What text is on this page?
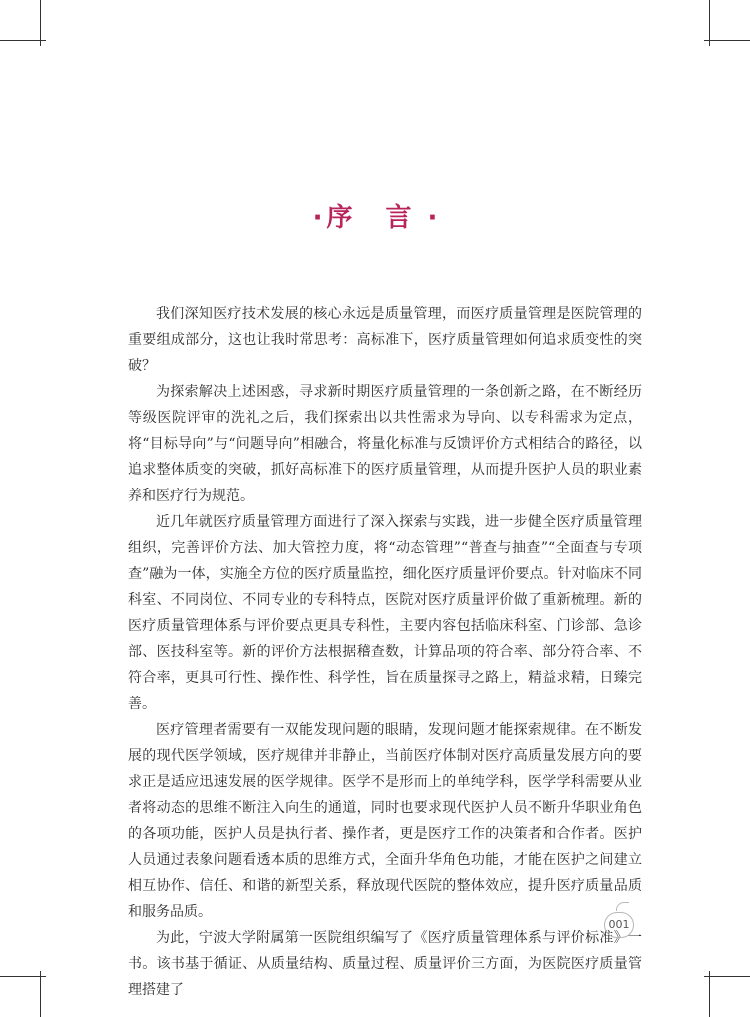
· 序 言 ·

我们深知医疗技术发展的核心永远是质量管理，而医疗质量管理是医院管理的重要组成部分，这也让我时常思考：高标准下，医疗质量管理如何追求质变性的突破？

为探索解决上述困惑，寻求新时期医疗质量管理的一条创新之路，在不断经历等级医院评审的洗礼之后，我们探索出以共性需求为导向、以专科需求为定点，将“目标导向”与“问题导向”相融合，将量化标准与反馈评价方式相结合的路径，以追求整体质变的突破，抓好高标准下的医疗质量管理，从而提升医护人员的职业素养和医疗行为规范。

近几年就医疗质量管理方面进行了深入探索与实践，进一步健全医疗质量管理组织，完善评价方法、加大管控力度，将“动态管理”“普查与抽查”“全面查与专项查”融为一体，实施全方位的医疗质量监控，细化医疗质量评价要点。针对临床不同科室、不同岗位、不同专业的专科特点，医院对医疗质量评价做了重新梳理。新的医疗质量管理体系与评价要点更具专科性，主要内容包括临床科室、门诊部、急诊部、医技科室等。新的评价方法根据稽查数，计算品项的符合率、部分符合率、不符合率，更具可行性、操作性、科学性，旨在质量探寻之路上，精益求精，日臻完善。

医疗管理者需要有一双能发现问题的眼睛，发现问题才能探索规律。在不断发展的现代医学领域，医疗规律并非静止，当前医疗体制对医疗高质量发展方向的要求正是适应迅速发展的医学规律。医学不是形而上的单纯学科，医学学科需要从业者将动态的思维不断注入向生的通道，同时也要求现代医护人员不断升华职业角色的各项功能，医护人员是执行者、操作者，更是医疗工作的决策者和合作者。医护人员通过表象问题看透本质的思维方式，全面升华角色功能，才能在医护之间建立相互协作、信任、和谐的新型关系，释放现代医院的整体效应，提升医疗质量品质和服务品质。

为此，宁波大学附属第一医院组织编写了《医疗质量管理体系与评价标准》一书。该书基于循证、从质量结构、质量过程、质量评价三方面，为医院医疗质量管理搭建了

001
